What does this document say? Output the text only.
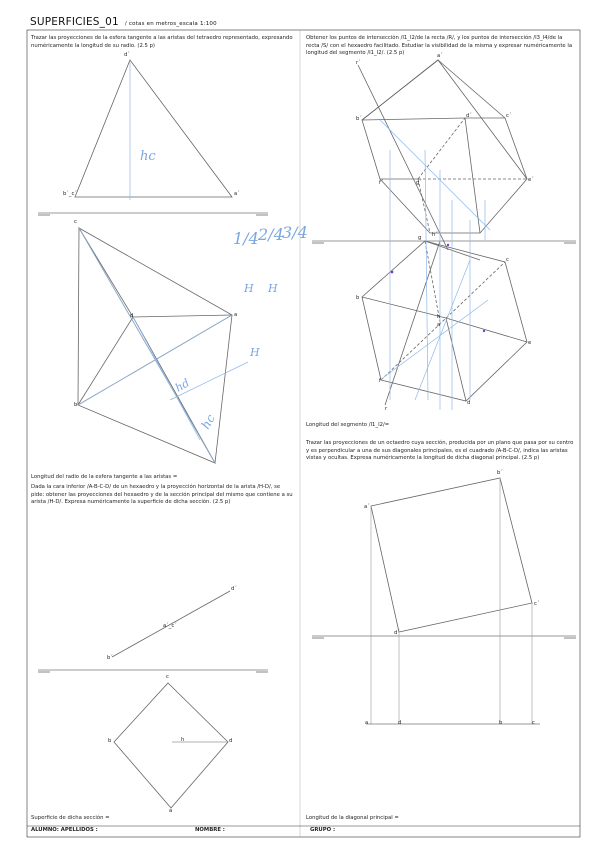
SUPERFICIES_01 / cotas en metros_escala 1:100
hc
hd
hc
H
1/4 2/4
3/4
H H
Trazar las proyecciones de la esfera tangente a las aristas del tetraedro representado, expresando numéricamente la longitud de su radio. (2.5 p)
Longitud del radio de la esfera tangente a las aristas =
Dada la cara inferior /A-B-C-D/ de un hexaedro y la proyección horizontal de la arista /H-D/, se pide: obtener las proyecciones del hexaedro y de la sección principal del mismo que contiene a su arista /H-D/. Expresa numéricamente la superficie de dicha sección. (2.5 p)
Superficie de dicha sección =
Obtener los puntos de intersección /I1_I2/de la recta /R/, y los puntos de intersección /I3_I4/de la recta /S/ con el hexaedro facilitado. Estudiar la visibilidad de la misma y expresar numéricamente la longitud del segmento /I1_I2/. (2.5 p)
Longitud del segmento /I1_I2/=
Trazar las proyecciones de un octaedro cuya sección, producida por un plano que pasa por su centro y es perpendicular a una de sus diagonales principales, es el cuadrado /A-B-C-D/, indica las aristas vistas y ocultas. Expresa numéricamente la longitud de dicha diagonal principal. (2.5 p)
Longitud de la diagonal principal =
ALUMNO: APELLIDOS :	NOMBRE :	GRUPO :
d´
b´_c´	a´
c
d	a
b
d´
a´_c´
b´
c
h	d
b
a
r´
a´
b´	d´	c´
f´	g´	e´
h´
g
h
c
b
a
e
f
d
r
b´
a´
c´
d´
a	d	b	c
